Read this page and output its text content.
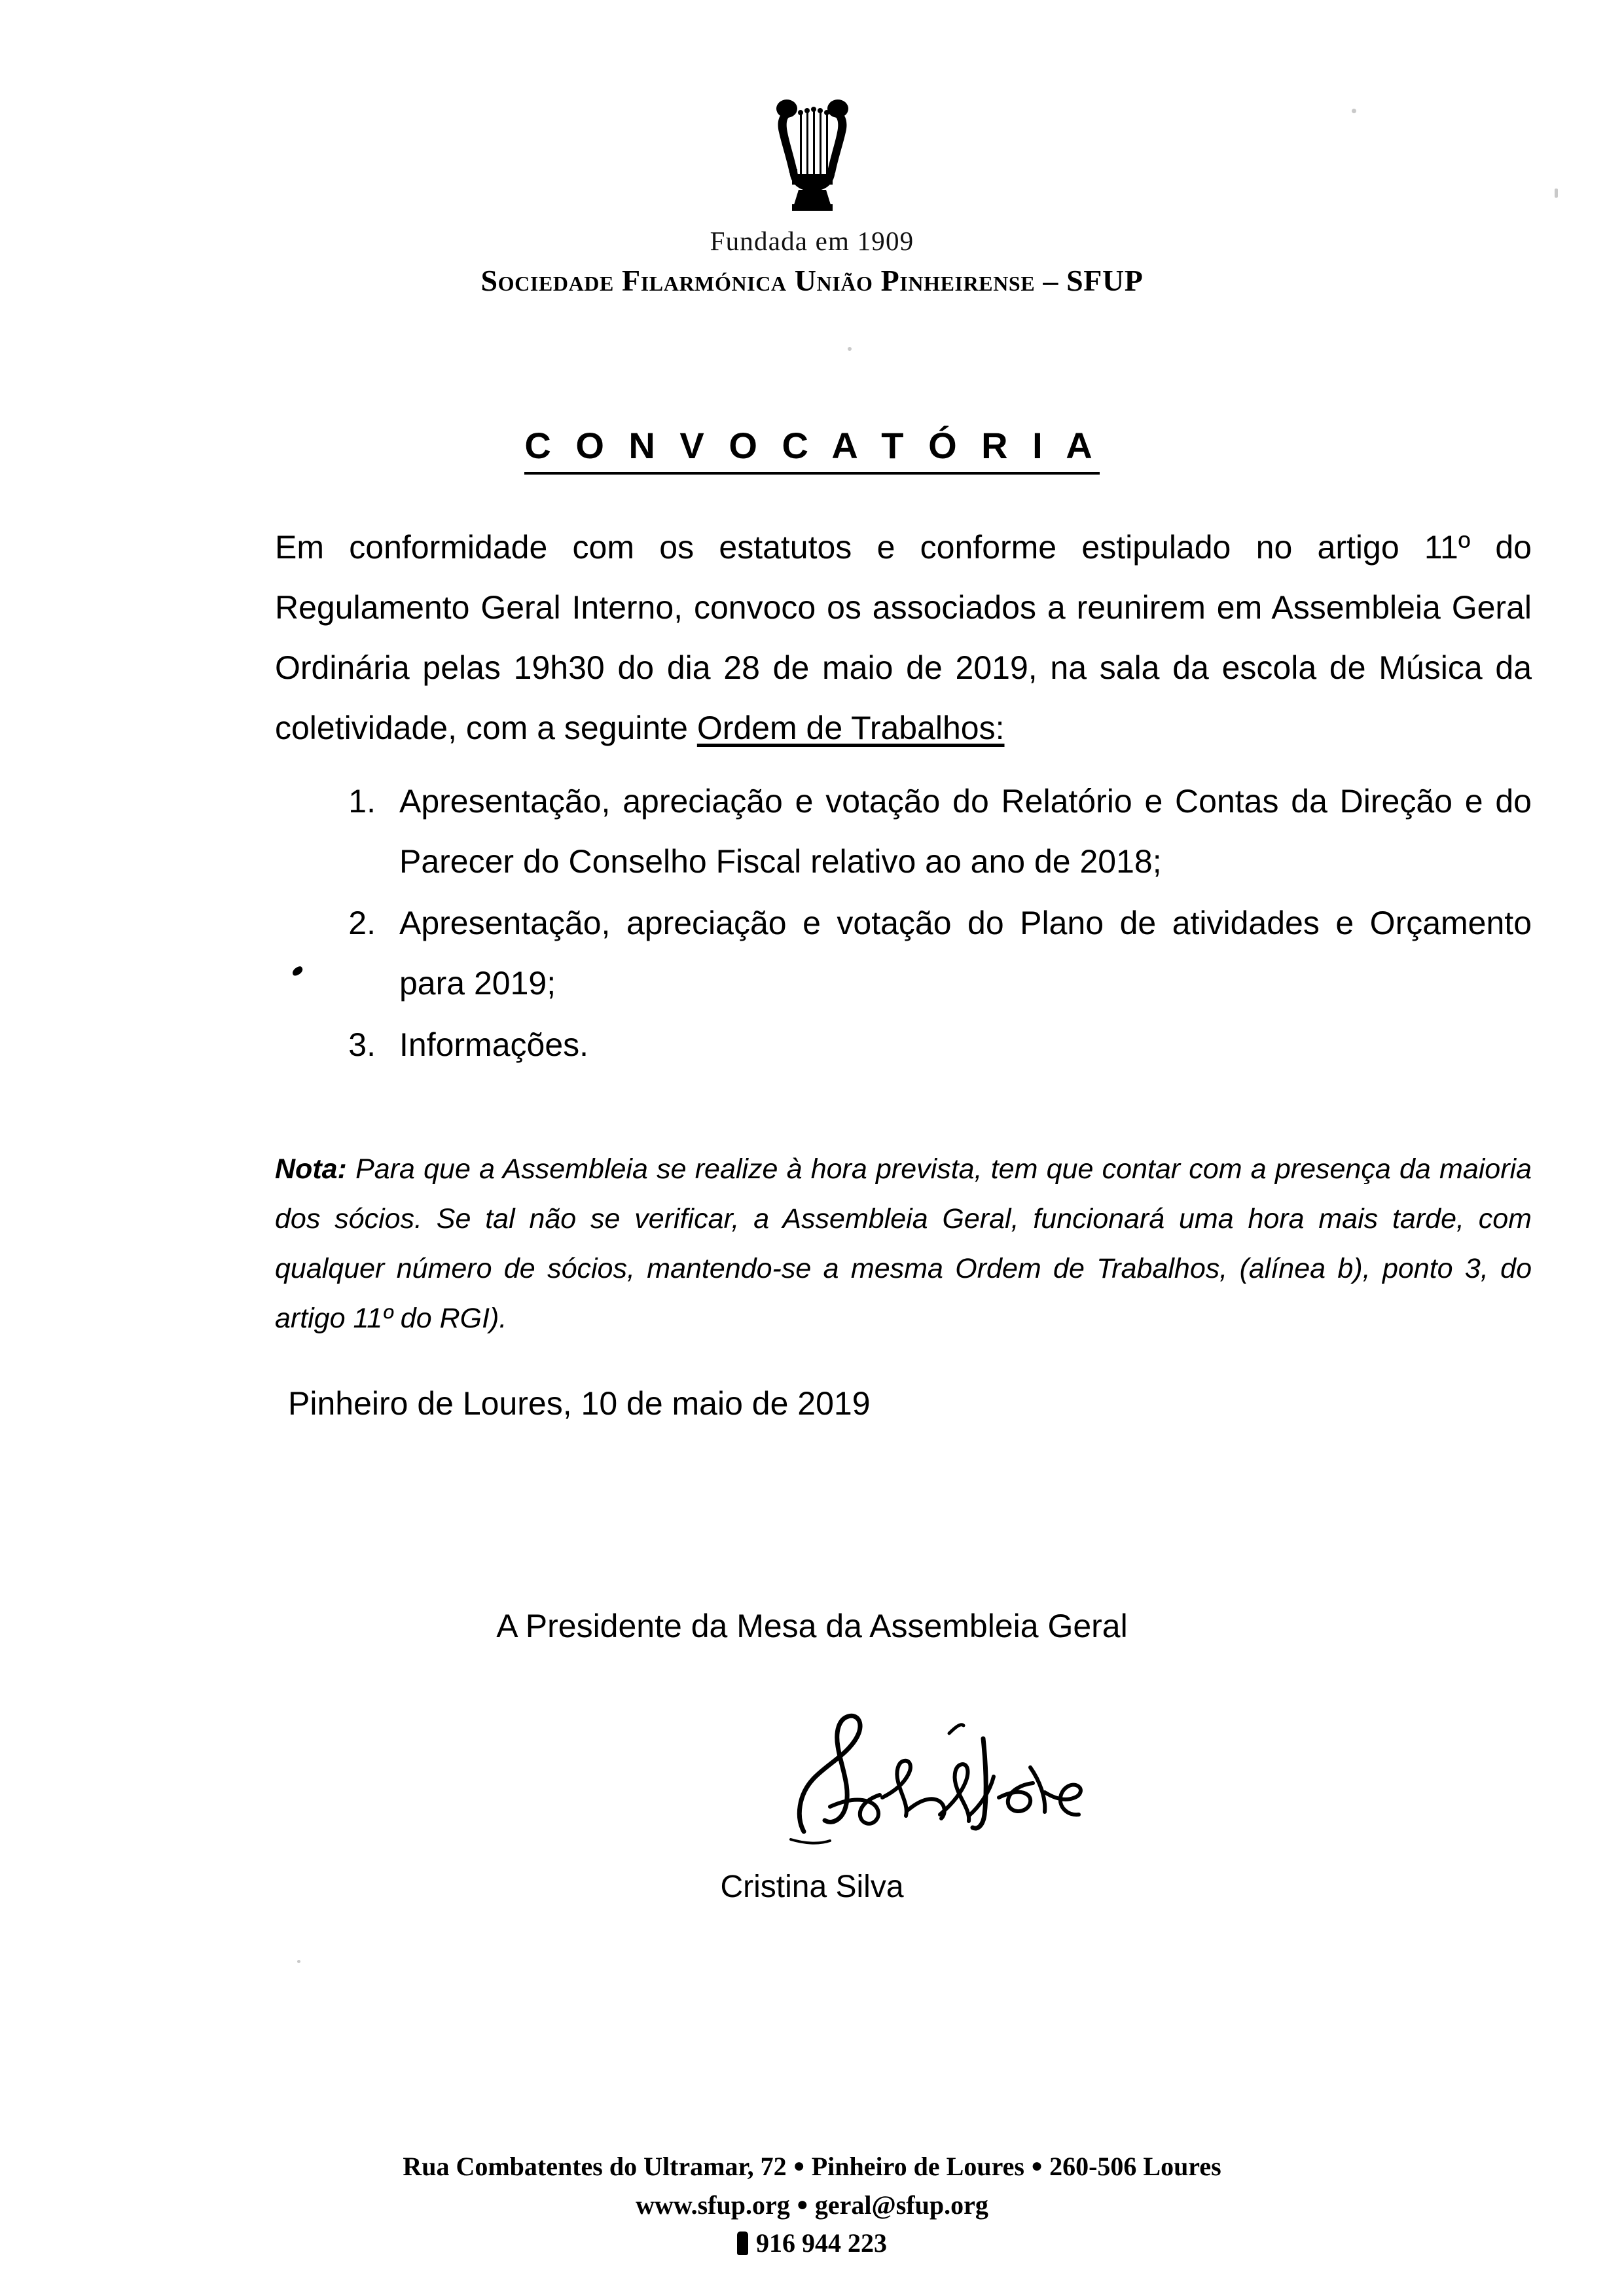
Fundada em 1909
Sociedade Filarmónica União Pinheirense – SFUP
C O N V O C A T Ó R I A

Em conformidade com os estatutos e conforme estipulado no artigo 11º do Regulamento Geral Interno, convoco os associados a reunirem em Assembleia Geral Ordinária pelas 19h30 do dia 28 de maio de 2019, na sala da escola de Música da coletividade, com a seguinte Ordem de Trabalhos:

1. Apresentação, apreciação e votação do Relatório e Contas da Direção e do Parecer do Conselho Fiscal relativo ao ano de 2018;
2. Apresentação, apreciação e votação do Plano de atividades e Orçamento para 2019;
3. Informações.
Nota: Para que a Assembleia se realize à hora prevista, tem que contar com a presença da maioria dos sócios. Se tal não se verificar, a Assembleia Geral, funcionará uma hora mais tarde, com qualquer número de sócios, mantendo-se a mesma Ordem de Trabalhos, (alínea b), ponto 3, do artigo 11º do RGI).
Pinheiro de Loures, 10 de maio de 2019
A Presidente da Mesa da Assembleia Geral
Cristina Silva
Rua Combatentes do Ultramar, 72 ● Pinheiro de Loures ● 260-506 Loures
www.sfup.org ● geral@sfup.org
916 944 223
